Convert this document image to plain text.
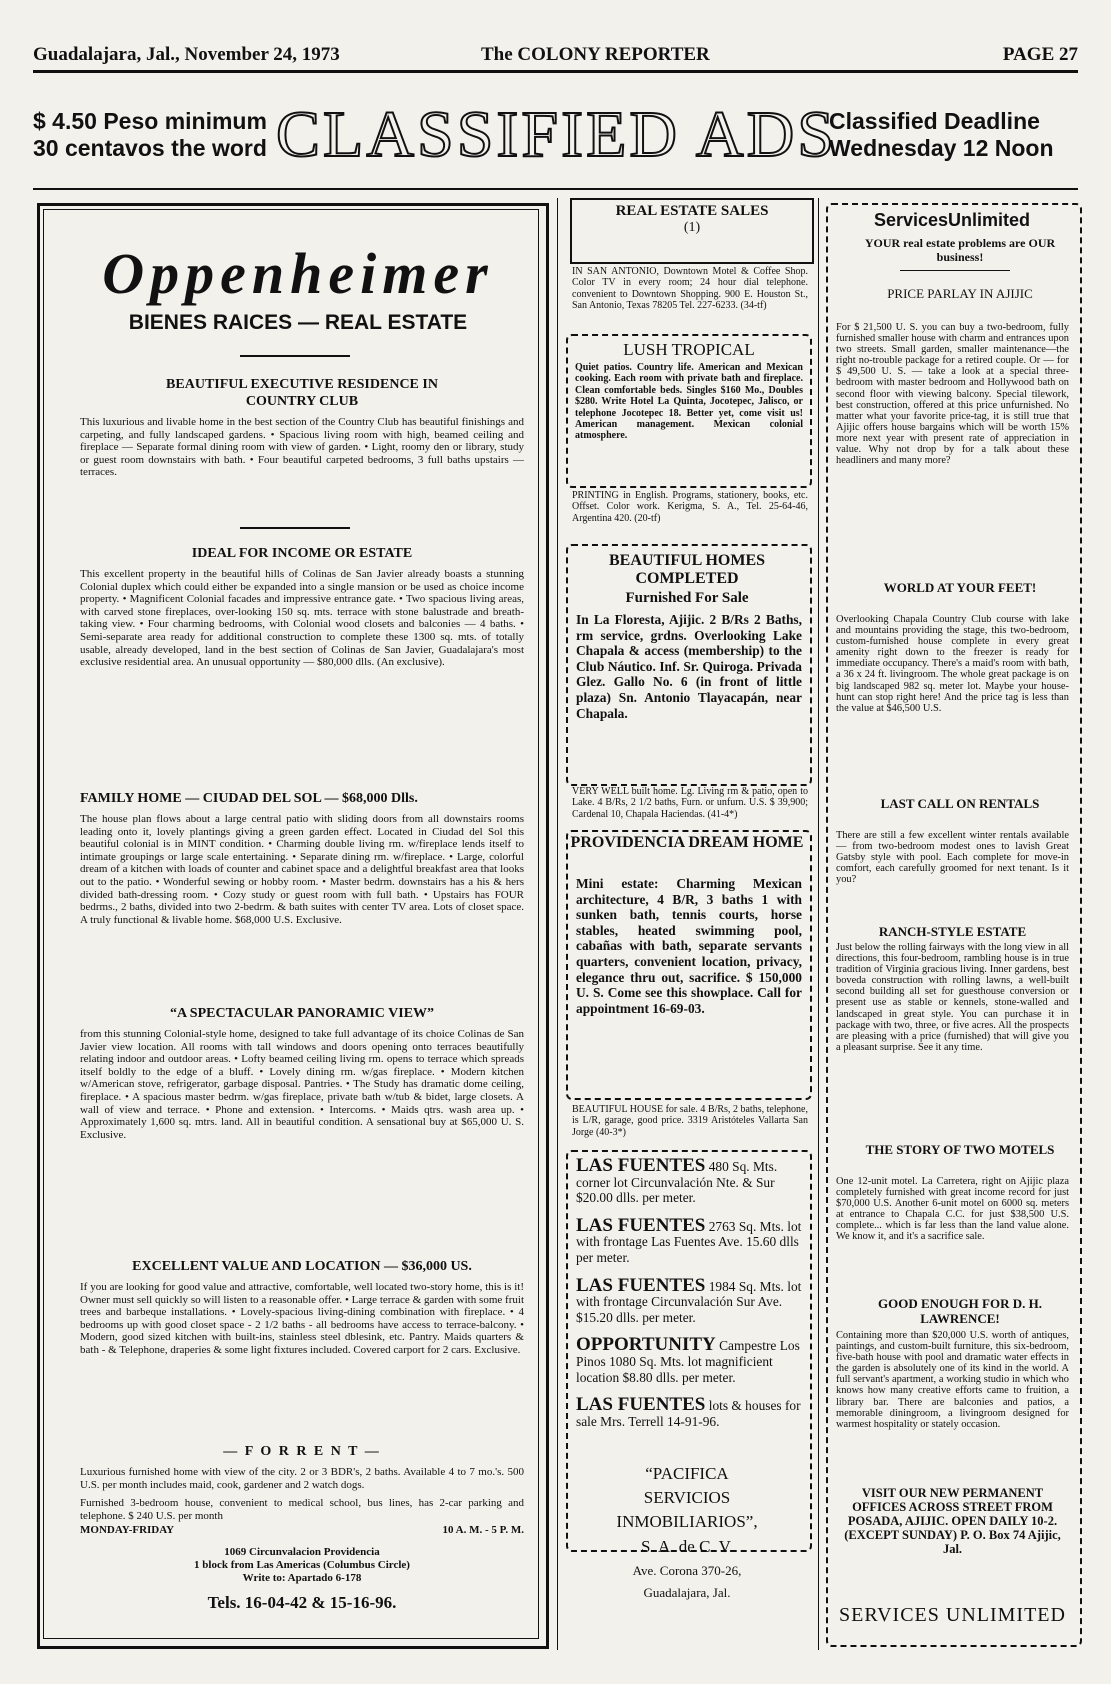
Guadalajara, Jal., November 24, 1973	The COLONY REPORTER	PAGE 27
$ 4.50 Peso minimum
30 centavos the word CLASSIFIED ADS
Classified Deadline
Wednesday 12 Noon
Oppenheimer
BIENES RAICES — REAL ESTATE
BEAUTIFUL EXECUTIVE RESIDENCE IN COUNTRY CLUB

This luxurious and livable home in the best section of the Country Club has beautiful finishings and carpeting, and fully landscaped gardens. • Spacious living room with high, beamed ceiling and fireplace — Separate formal dining room with view of garden. • Light, roomy den or library, study or guest room downstairs with bath. • Four beautiful carpeted bedrooms, 3 full baths upstairs — terraces.

IDEAL FOR INCOME OR ESTATE

This excellent property in the beautiful hills of Colinas de San Javier already boasts a stunning Colonial duplex which could either be expanded into a single mansion or be used as choice income property. • Magnificent Colonial facades and impressive entrance gate. • Two spacious living areas, with carved stone fireplaces, over-looking 150 sq. mts. terrace with stone balustrade and breath-taking view. • Four charming bedrooms, with Colonial wood closets and balconies — 4 baths. • Semi-separate area ready for additional construction to complete these 1300 sq. mts. of totally usable, already developed, land in the best section of Colinas de San Javier, Guadalajara's most exclusive residential area. An unusual opportunity — $80,000 dlls. (An exclusive).

FAMILY HOME — CIUDAD DEL SOL — $68,000 Dlls.

The house plan flows about a large central patio with sliding doors from all downstairs rooms leading onto it, lovely plantings giving a green garden effect. Located in Ciudad del Sol this beautiful colonial is in MINT condition. • Charming double living rm. w/fireplace lends itself to intimate groupings or large scale entertaining. • Separate dining rm. w/fireplace. • Large, colorful dream of a kitchen with loads of counter and cabinet space and a delightful breakfast area that looks out to the patio. • Wonderful sewing or hobby room. • Master bedrm. downstairs has a his & hers divided bath-dressing room. • Cozy study or guest room with full bath. • Upstairs has FOUR bedrms., 2 baths, divided into two 2-bedrm. & bath suites with center TV area. Lots of closet space. A truly functional & livable home. $68,000 U.S. Exclusive.

“A SPECTACULAR PANORAMIC VIEW”

from this stunning Colonial-style home, designed to take full advantage of its choice Colinas de San Javier view location. All rooms with tall windows and doors opening onto terraces beautifully relating indoor and outdoor areas. • Lofty beamed ceiling living rm. opens to terrace which spreads itself boldly to the edge of a bluff. • Lovely dining rm. w/gas fireplace. • Modern kitchen w/American stove, refrigerator, garbage disposal. Pantries. • The Study has dramatic dome ceiling, fireplace. • A spacious master bedrm. w/gas fireplace, private bath w/tub & bidet, large closets. A wall of view and terrace. • Phone and extension. • Intercoms. • Maids qtrs. wash area up. • Approximately 1,600 sq. mtrs. land. All in beautiful condition. A sensational buy at $65,000 U. S. Exclusive.

EXCELLENT VALUE AND LOCATION — $36,000 US.

If you are looking for good value and attractive, comfortable, well located two-story home, this is it! Owner must sell quickly so will listen to a reasonable offer. • Large terrace & garden with some fruit trees and barbeque installations. • Lovely-spacious living-dining combination with fireplace. • 4 bedrooms up with good closet space - 2 1/2 baths - all bedrooms have access to terrace-balcony. • Modern, good sized kitchen with built-ins, stainless steel dblesink, etc. Pantry. Maids quarters & bath - & Telephone, draperies & some light fixtures included. Covered carport for 2 cars. Exclusive.

— F O R R E N T —

Luxurious furnished home with view of the city. 2 or 3 BDR's, 2 baths. Available 4 to 7 mo.'s. 500 U.S. per month includes maid, cook, gardener and 2 watch dogs.

Furnished 3-bedroom house, convenient to medical school, bus lines, has 2-car parking and telephone. $ 240 U.S. per month

MONDAY-FRIDAY	10 A. M. - 5 P. M.
1069 Circunvalacion Providencia
1 block from Las Americas (Columbus Circle)
Write to: Apartado 6-178
Tels. 16-04-42 & 15-16-96.
REAL ESTATE SALES
(1)
IN SAN ANTONIO, Downtown Motel & Coffee Shop. Color TV in every room; 24 hour dial telephone. convenient to Downtown Shopping. 900 E. Houston St., San Antonio, Texas 78205 Tel. 227-6233. (34-tf)
LUSH TROPICAL
Quiet patios. Country life. American and Mexican cooking. Each room with private bath and fireplace. Clean comfortable beds. Singles $160 Mo., Doubles $280. Write Hotel La Quinta, Jocotepec, Jalisco, or telephone Jocotepec 18. Better yet, come visit us! American management. Mexican colonial atmosphere.
PRINTING in English. Programs, stationery, books, etc. Offset. Color work. Kerigma, S. A., Tel. 25-64-46, Argentina 420. (20-tf)
BEAUTIFUL HOMES COMPLETED
Furnished For Sale
In La Floresta, Ajijic. 2 B/Rs 2 Baths, rm service, grdns. Overlooking Lake Chapala & access (membership) to the Club Náutico. Inf. Sr. Quiroga. Privada Glez. Gallo No. 6 (in front of little plaza) Sn. Antonio Tlayacapán, near Chapala.
VERY WELL built home. Lg. Living rm & patio, open to Lake. 4 B/Rs, 2 1/2 baths, Furn. or unfurn. U.S. $ 39,900; Cardenal 10, Chapala Haciendas. (41-4*)
PROVIDENCIA DREAM HOME
Mini estate: Charming Mexican architecture, 4 B/R, 3 baths 1 with sunken bath, tennis courts, horse stables, heated swimming pool, cabañas with bath, separate servants quarters, convenient location, privacy, elegance thru out, sacrifice. $ 150,000 U. S. Come see this showplace. Call for appointment 16-69-03.
BEAUTIFUL HOUSE for sale. 4 B/Rs, 2 baths, telephone, is L/R, garage, good price. 3319 Aristóteles Vallarta San Jorge (40-3*)
LAS FUENTES 480 Sq. Mts. corner lot Circunvalación Nte. & Sur $20.00 dlls. per meter.
LAS FUENTES 2763 Sq. Mts. lot with frontage Las Fuentes Ave. 15.60 dlls per meter.
LAS FUENTES 1984 Sq. Mts. lot with frontage Circunvalación Sur Ave. $15.20 dlls. per meter.
OPPORTUNITY Campestre Los Pinos 1080 Sq. Mts. lot magnificient location $8.80 dlls. per meter.
LAS FUENTES lots & houses for sale Mrs. Terrell 14-91-96.
“PACIFICA
SERVICIOS
INMOBILIARIOS”,
S. A. de C. V.
Ave. Corona 370-26,
Guadalajara, Jal.
ServicesUnlimited
YOUR real estate problems are OUR business!
PRICE PARLAY IN AJIJIC
For $ 21,500 U. S. you can buy a two-bedroom, fully furnished smaller house with charm and entrances upon two streets. Small garden, smaller maintenance—the right no-trouble package for a retired couple. Or — for $ 49,500 U. S. — take a look at a special three-bedroom with master bedroom and Hollywood bath on second floor with viewing balcony. Special tilework, best construction, offered at this price unfurnished. No matter what your favorite price-tag, it is still true that Ajijic offers house bargains which will be worth 15% more next year with present rate of appreciation in value. Why not drop by for a talk about these headliners and many more?
WORLD AT YOUR FEET!
Overlooking Chapala Country Club course with lake and mountains providing the stage, this two-bedroom, custom-furnished house complete in every great amenity right down to the freezer is ready for immediate occupancy. There's a maid's room with bath, a 36 x 24 ft. livingroom. The whole great package is on big landscaped 982 sq. meter lot. Maybe your house-hunt can stop right here! And the price tag is less than the value at $46,500 U.S.
LAST CALL ON RENTALS
There are still a few excellent winter rentals available — from two-bedroom modest ones to lavish Great Gatsby style with pool. Each complete for move-in comfort, each carefully groomed for next tenant. Is it you?
RANCH-STYLE ESTATE
Just below the rolling fairways with the long view in all directions, this four-bedroom, rambling house is in true tradition of Virginia gracious living. Inner gardens, best boveda construction with rolling lawns, a well-built second building all set for guesthouse conversion or present use as stable or kennels, stone-walled and landscaped in great style. You can purchase it in package with two, three, or five acres. All the prospects are pleasing with a price (furnished) that will give you a pleasant surprise. See it any time.
THE STORY OF TWO MOTELS
One 12-unit motel. La Carretera, right on Ajijic plaza completely furnished with great income record for just $70,000 U.S. Another 6-unit motel on 6000 sq. meters at entrance to Chapala C.C. for just $38,500 U.S. complete... which is far less than the land value alone. We know it, and it's a sacrifice sale.
GOOD ENOUGH FOR D. H. LAWRENCE!
Containing more than $20,000 U.S. worth of antiques, paintings, and custom-built furniture, this six-bedroom, five-bath house with pool and dramatic water effects in the garden is absolutely one of its kind in the world. A full servant's apartment, a working studio in which who knows how many creative efforts came to fruition, a library bar. There are balconies and patios, a memorable diningroom, a livingroom designed for warmest hospitality or stately occasion.
VISIT OUR NEW PERMANENT OFFICES ACROSS STREET FROM POSADA, AJIJIC. OPEN DAILY 10-2. (EXCEPT SUNDAY) P. O. Box 74 Ajijic, Jal.
SERVICES UNLIMITED
